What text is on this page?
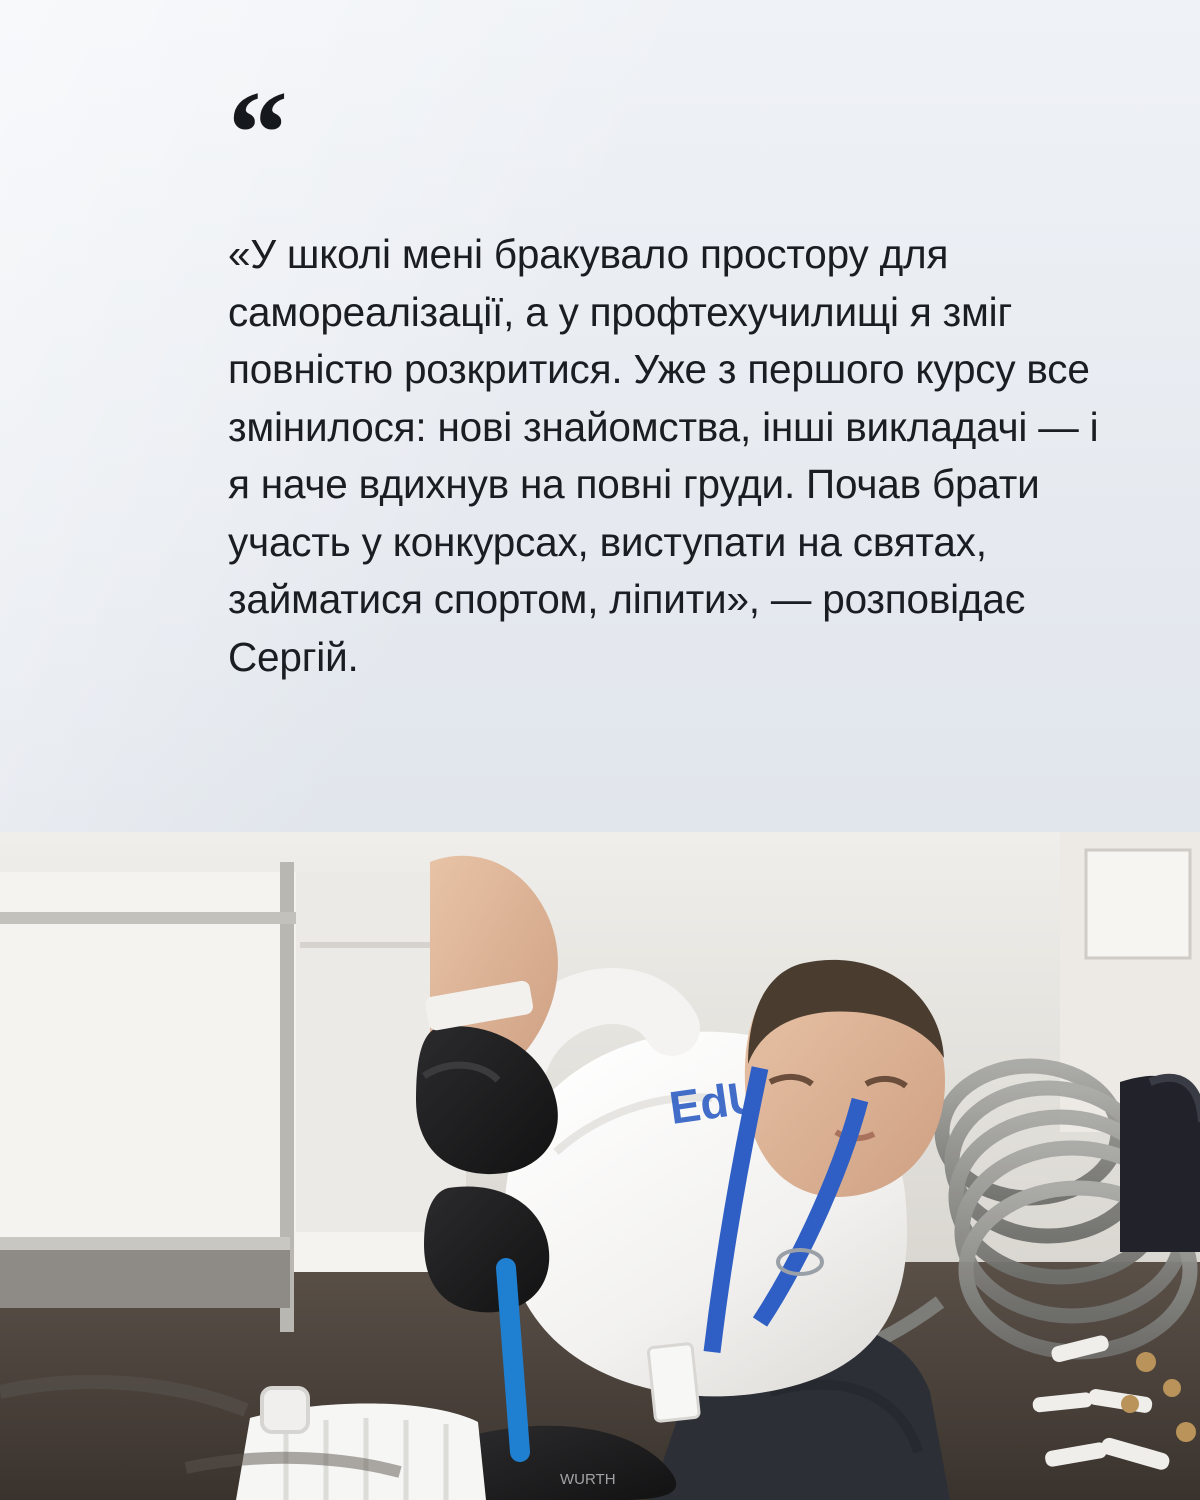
“
«У школі мені бракувало простору для самореалізації, а у профтехучилищі я зміг повністю розкритися. Уже з першого курсу все змінилося: нові знайомства, інші викладачі — і я наче вдихнув на повні груди. Почав брати участь у конкурсах, виступати на святах, займатися спортом, ліпити», — розповідає Сергій.
EdU
WURTH
